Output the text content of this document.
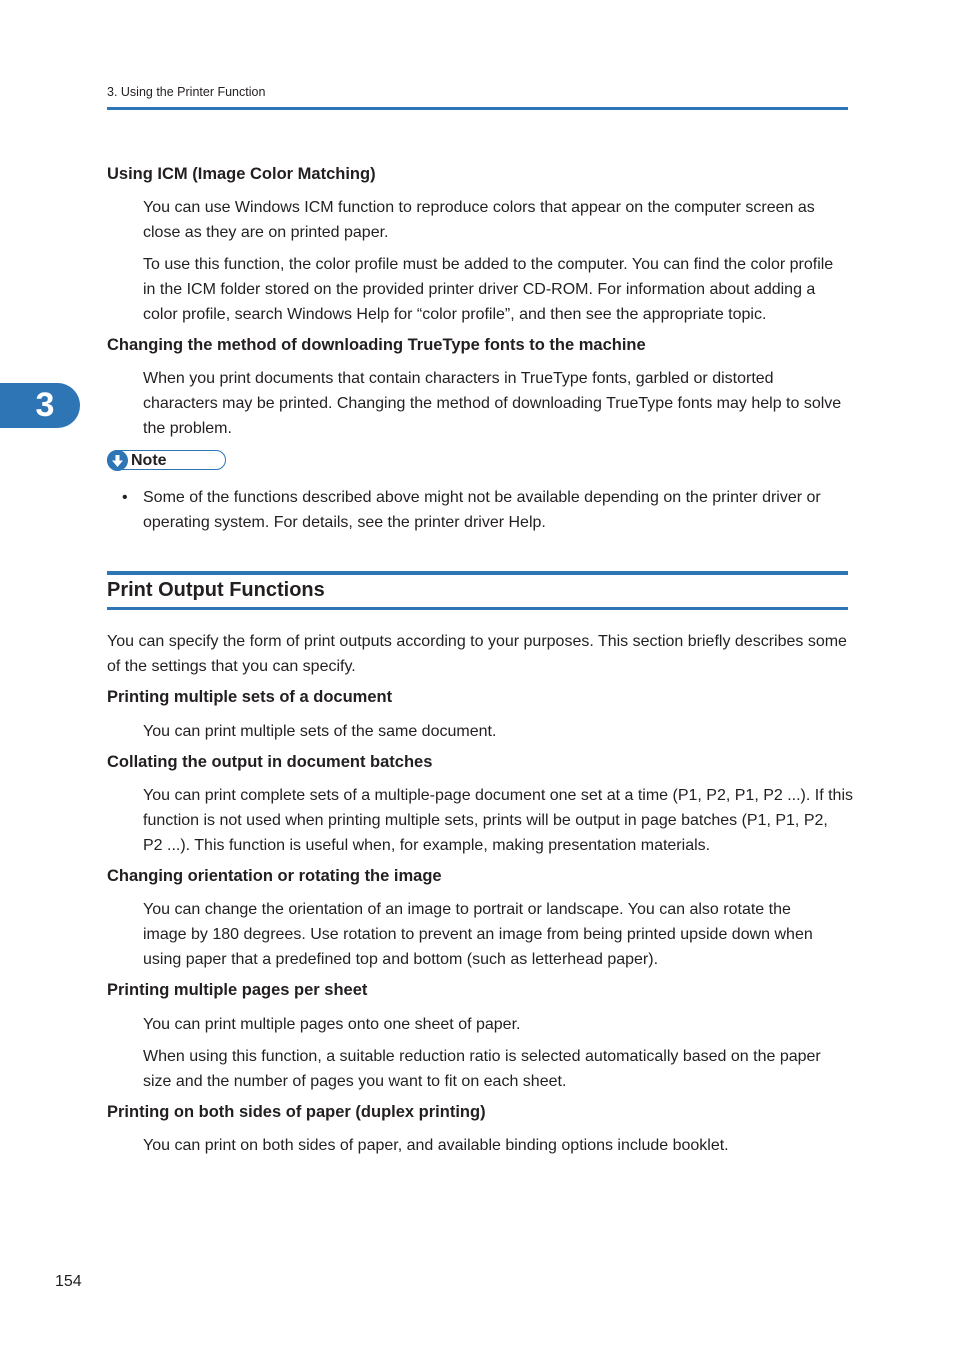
3. Using the Printer Function
3
Using ICM (Image Color Matching)
You can use Windows ICM function to reproduce colors that appear on the computer screen as
close as they are on printed paper.
To use this function, the color profile must be added to the computer. You can find the color profile
in the ICM folder stored on the provided printer driver CD-ROM. For information about adding a
color profile, search Windows Help for “color profile”, and then see the appropriate topic.
Changing the method of downloading TrueType fonts to the machine
When you print documents that contain characters in TrueType fonts, garbled or distorted
characters may be printed. Changing the method of downloading TrueType fonts may help to solve
the problem.
Note
• Some of the functions described above might not be available depending on the printer driver or
operating system. For details, see the printer driver Help.
Print Output Functions
You can specify the form of print outputs according to your purposes. This section briefly describes some
of the settings that you can specify.
Printing multiple sets of a document
You can print multiple sets of the same document.
Collating the output in document batches
You can print complete sets of a multiple-page document one set at a time (P1, P2, P1, P2 ...). If this
function is not used when printing multiple sets, prints will be output in page batches (P1, P1, P2,
P2 ...). This function is useful when, for example, making presentation materials.
Changing orientation or rotating the image
You can change the orientation of an image to portrait or landscape. You can also rotate the
image by 180 degrees. Use rotation to prevent an image from being printed upside down when
using paper that a predefined top and bottom (such as letterhead paper).
Printing multiple pages per sheet
You can print multiple pages onto one sheet of paper.
When using this function, a suitable reduction ratio is selected automatically based on the paper
size and the number of pages you want to fit on each sheet.
Printing on both sides of paper (duplex printing)
You can print on both sides of paper, and available binding options include booklet.
154
